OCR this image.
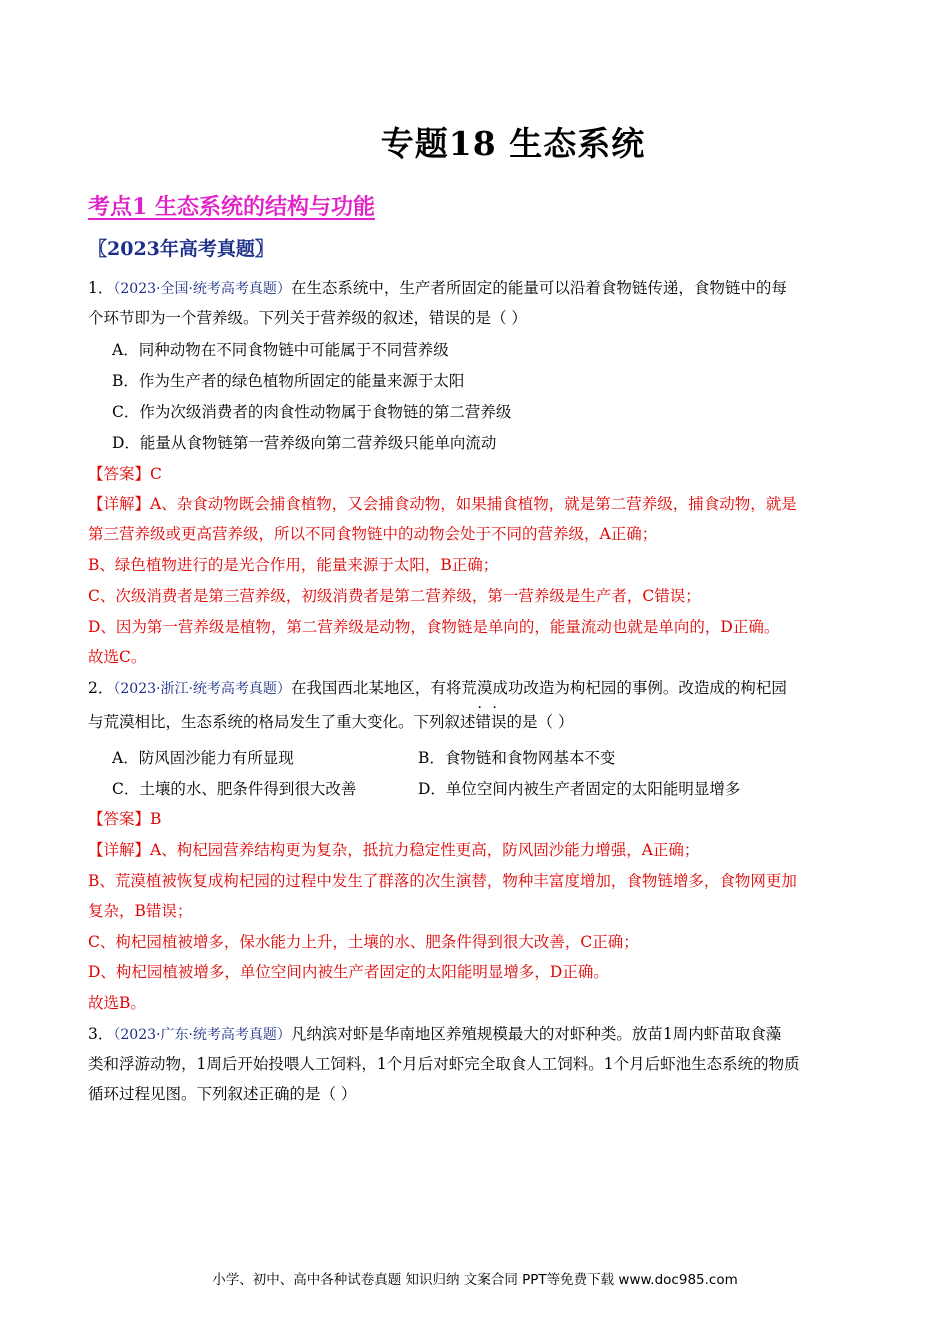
专题18 生态系统
考点1 生态系统的结构与功能
〖2023年高考真题〗
1．（2023·全国·统考高考真题）在生态系统中，生产者所固定的能量可以沿着食物链传递，食物链中的每
个环节即为一个营养级。下列关于营养级的叙述，错误的是（ ）
A．同种动物在不同食物链中可能属于不同营养级
B．作为生产者的绿色植物所固定的能量来源于太阳
C．作为次级消费者的肉食性动物属于食物链的第二营养级
D．能量从食物链第一营养级向第二营养级只能单向流动
【答案】C
【详解】A、杂食动物既会捕食植物，又会捕食动物，如果捕食植物，就是第二营养级，捕食动物，就是
第三营养级或更高营养级，所以不同食物链中的动物会处于不同的营养级，A正确；
B、绿色植物进行的是光合作用，能量来源于太阳，B正确；
C、次级消费者是第三营养级，初级消费者是第二营养级，第一营养级是生产者，C错误；
D、因为第一营养级是植物，第二营养级是动物，食物链是单向的，能量流动也就是单向的，D正确。
故选C。
2．（2023·浙江·统考高考真题）在我国西北某地区，有将荒漠成功改造为枸杞园的事例。改造成的枸杞园
与荒漠相比，生态系统的格局发生了重大变化。下列叙述· · 错误的是（ ）
A．防风固沙能力有所显现	B．食物链和食物网基本不变
C．土壤的水、肥条件得到很大改善	D．单位空间内被生产者固定的太阳能明显增多
【答案】B
【详解】A、枸杞园营养结构更为复杂，抵抗力稳定性更高，防风固沙能力增强，A正确；
B、荒漠植被恢复成枸杞园的过程中发生了群落的次生演替，物种丰富度增加，食物链增多，食物网更加
复杂，B错误；
C、枸杞园植被增多，保水能力上升，土壤的水、肥条件得到很大改善，C正确；
D、枸杞园植被增多，单位空间内被生产者固定的太阳能明显增多，D正确。
故选B。
3．（2023·广东·统考高考真题）凡纳滨对虾是华南地区养殖规模最大的对虾种类。放苗1周内虾苗取食藻
类和浮游动物，1周后开始投喂人工饲料，1个月后对虾完全取食人工饲料。1个月后虾池生态系统的物质
循环过程见图。下列叙述正确的是（ ）
小学、初中、高中各种试卷真题 知识归纳 文案合同 PPT等免费下载 www.doc985.com
